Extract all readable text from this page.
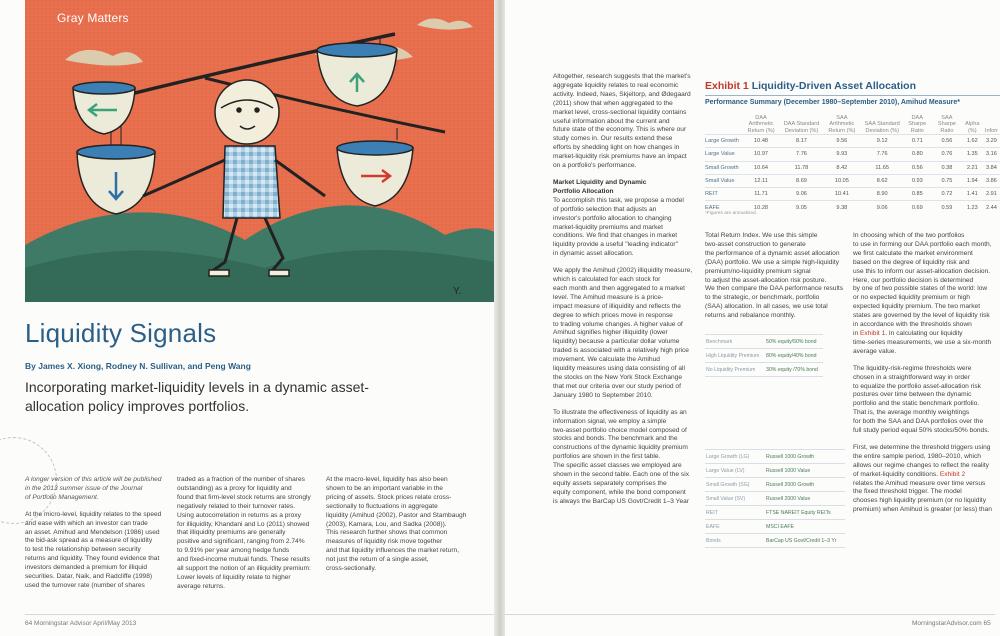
Y.
Gray Matters
Liquidity Signals
By James X. Xiong, Rodney N. Sullivan, and Peng Wang
Incorporating market-liquidity levels in a dynamic asset-allocation policy improves portfolios.

A longer version of this article will be published

in the 2013 summer issue of the Journal

of Portfolio Management.

At the micro-level, liquidity relates to the speed

and ease with which an investor can trade

an asset. Amihud and Mendelson (1986) used

the bid-ask spread as a measure of liquidity

to test the relationship between security

returns and liquidity. They found evidence that

investors demanded a premium for illiquid

securities. Datar, Naik, and Radcliffe (1998)

used the turnover rate (number of shares

traded as a fraction of the number of shares

outstanding) as a proxy for liquidity and

found that firm-level stock returns are strongly

negatively related to their turnover rates.

Using autocorrelation in returns as a proxy

for illiquidity, Khandani and Lo (2011) showed

that illiquidity premiums are generally

positive and significant, ranging from 2.74%

to 9.91% per year among hedge funds

and fixed-income mutual funds. These results

all support the notion of an illiquidity premium:

Lower levels of liquidity relate to higher

average returns.

At the macro-level, liquidity has also been

shown to be an important variable in the

pricing of assets. Stock prices relate cross-

sectionally to fluctuations in aggregate

liquidity (Amihud (2002), Pastor and Stambaugh

(2003), Kamara, Lou, and Sadka (2008)).

This research further shows that common

measures of liquidity risk move together

and that liquidity influences the market return,

not just the return of a single asset,

cross-sectionally.

64 Morningstar Advisor April/May 2013

Altogether, research suggests that the market's

aggregate liquidity relates to real economic

activity. Indeed, Naes, Skjeltorp, and Ødegaard

(2011) show that when aggregated to the

market level, cross-sectional liquidity contains

useful information about the current and

future state of the economy. This is where our

study comes in. Our results extend these

efforts by shedding light on how changes in

market-liquidity risk premiums have an impact

on a portfolio's performance.

Market Liquidity and Dynamic

Portfolio Allocation

To accomplish this task, we propose a model

of portfolio selection that adjusts an

investor's portfolio allocation to changing

market-liquidity premiums and market

conditions. We find that changes in market

liquidity provide a useful "leading indicator"

in dynamic asset allocation.

We apply the Amihud (2002) illiquidity measure,

which is calculated for each stock for

each month and then aggregated to a market

level. The Amihud measure is a price-

impact measure of illiquidity and reflects the

degree to which prices move in response

to trading volume changes. A higher value of

Amihud signifies higher illiquidity (lower

liquidity) because a particular dollar volume

traded is associated with a relatively high price

movement. We calculate the Amihud

liquidity measures using data consisting of all

the stocks on the New York Stock Exchange

that met our criteria over our study period of

January 1980 to September 2010.

To illustrate the effectiveness of liquidity as an

information signal, we employ a simple

two-asset portfolio choice model composed of

stocks and bonds. The benchmark and the

constructions of the dynamic liquidity premium

portfolios are shown in the first table.

The specific asset classes we employed are

shown in the second table. Each one of the six

equity assets separately comprises the

equity component, while the bond component

is always the BarCap US Govt/Credit 1–3 Year

Total Return Index. We use this simple

two-asset construction to generate

the performance of a dynamic asset allocation

(DAA) portfolio. We use a simple high-liquidity

premium/no-liquidity premium signal

to adjust the asset-allocation risk posture.

We then compare the DAA performance results

to the strategic, or benchmark, portfolio

(SAA) allocation. In all cases, we use total

returns and rebalance monthly.

In choosing which of the two portfolios

to use in forming our DAA portfolio each month,

we first calculate the market environment

based on the degree of liquidity risk and

use this to inform our asset-allocation decision.

Here, our portfolio decision is determined

by one of two possible states of the world: low

or no expected liquidity premium or high

expected liquidity premium. The two market

states are governed by the level of liquidity risk

in accordance with the thresholds shown

in Exhibit 1. In calculating our liquidity

time-series measurements, we use a six-month

average value.

The liquidity-risk-regime thresholds were

chosen in a straightforward way in order

to equalize the portfolio asset-allocation risk

postures over time between the dynamic

portfolio and the static benchmark portfolio.

That is, the average monthly weightings

for both the SAA and DAA portfolios over the

full study period equal 50% stocks/50% bonds.

First, we determine the threshold triggers using

the entire sample period, 1980–2010, which

allows our regime changes to reflect the reality

of market-liquidity conditions. Exhibit 2

relates the Amihud measure over time versus

the fixed threshold trigger. The model

chooses high liquidity premium (or no liquidity

premium) when Amihud is greater (or less) than

Exhibit 1 Liquidity-Driven Asset Allocation
Performance Summary (December 1980–September 2010), Amihud Measure*
	DAA Arithmetic Return (%)	DAA Standard Deviation (%)	SAA Arithmetic Return (%)	SAA Standard Deviation (%)	DAA Sharpe Ratio	SAA Sharpe Ratio	Alpha (%)	Inforr
Large Growth	10.48	8.17	9.56	9.12	0.71	0.56	1.62	3.29
Large Value	10.97	7.76	9.93	7.76	0.80	0.76	1.35	3.16
Small Growth	10.64	11.78	8.42	11.65	0.56	0.38	2.21	3.84
Small Value	12.11	8.69	10.05	8.62	0.93	0.75	1.94	3.86
REIT	11.71	9.06	10.41	8.90	0.85	0.72	1.41	2.91
EAFE	10.28	9.05	9.38	9.06	0.69	0.59	1.23	2.44
*Figures are annualized.
Benchmark	50% equity/50% bond
High Liquidity Premium	80% equity/40% bond
No Liquidity Premium	30% equity /70% bond
Large Growth (LG)	Russell 1000 Growth
Large Value (LV)	Russell 1000 Value
Small Growth (SG)	Russell 2000 Growth
Small Value (SV)	Russell 2000 Value
REIT	FTSE NAREIT Equity REITs
EAFE	MSCI EAFE
Bonds	BarCap US Govt/Credit 1–3 Yr
MorningstarAdvisor.com 65
